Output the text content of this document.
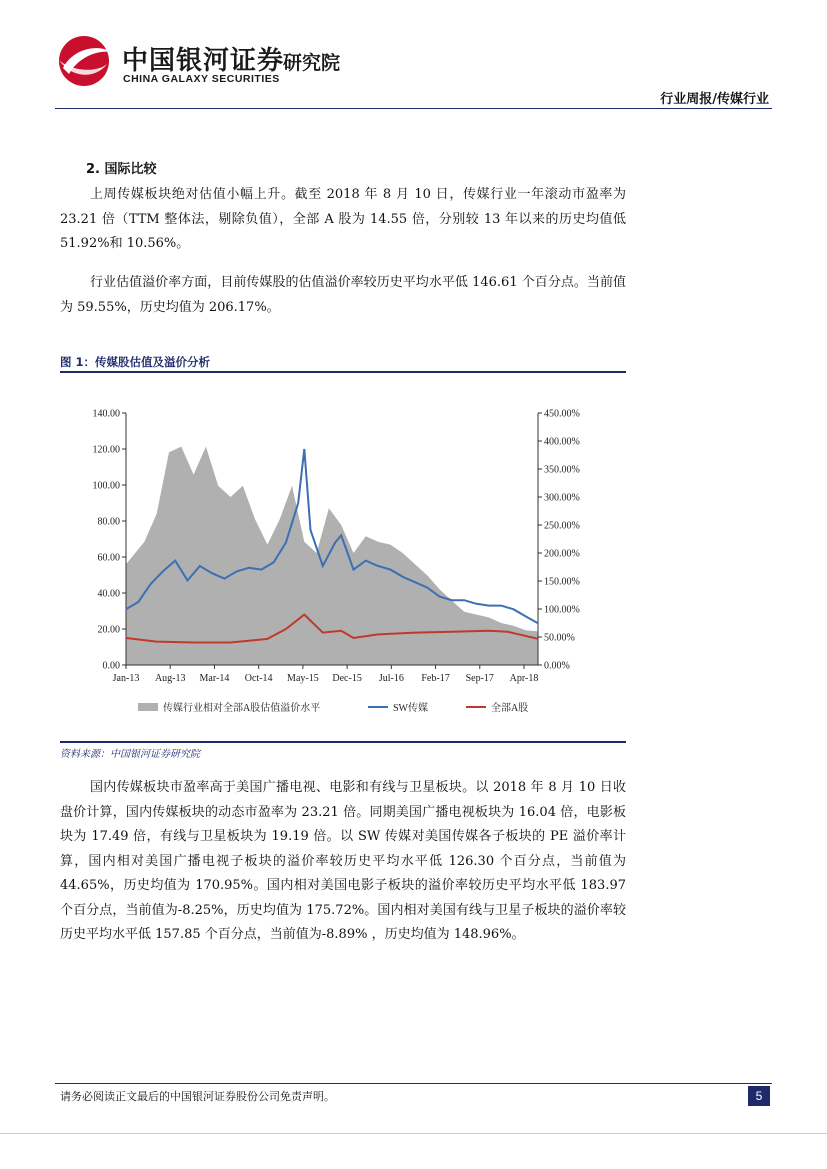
中国银河证券
CHINA GALAXY SECURITIES
研究院
行业周报/传媒行业
2. 国际比较
上周传媒板块绝对估值小幅上升。截至 2018 年 8 月 10 日，传媒行业一年滚动市盈率为 23.21 倍（TTM 整体法，剔除负值），全部 A 股为 14.55 倍，分别较 13 年以来的历史均值低 51.92%和 10.56%。
行业估值溢价率方面，目前传媒股的估值溢价率较历史平均水平低 146.61 个百分点。当前值为 59.55%，历史均值为 206.17%。
图 1：传媒股估值及溢价分析
0.00
20.00
40.00
60.00
80.00
100.00
120.00
140.00
0.00%
50.00%
100.00%
150.00%
200.00%
250.00%
300.00%
350.00%
400.00%
450.00%
Jan-13 Aug-13 Mar-14 Oct-14 May-15 Dec-15 Jul-16 Feb-17 Sep-17 Apr-18
传媒行业相对全部A股估值溢价水平	SW传媒	全部A股
资料来源：中国银河证券研究院
国内传媒板块市盈率高于美国广播电视、电影和有线与卫星板块。以 2018 年 8 月 10 日收盘价计算，国内传媒板块的动态市盈率为 23.21 倍。同期美国广播电视板块为 16.04 倍，电影板块为 17.49 倍，有线与卫星板块为 19.19 倍。以 SW 传媒对美国传媒各子板块的 PE 溢价率计算，国内相对美国广播电视子板块的溢价率较历史平均水平低 126.30 个百分点，当前值为 44.65%，历史均值为 170.95%。国内相对美国电影子板块的溢价率较历史平均水平低 183.97 个百分点，当前值为-8.25%，历史均值为 175.72%。国内相对美国有线与卫星子板块的溢价率较历史平均水平低 157.85 个百分点，当前值为-8.89% ，历史均值为 148.96%。
请务必阅读正文最后的中国银河证券股份公司免责声明。	5
